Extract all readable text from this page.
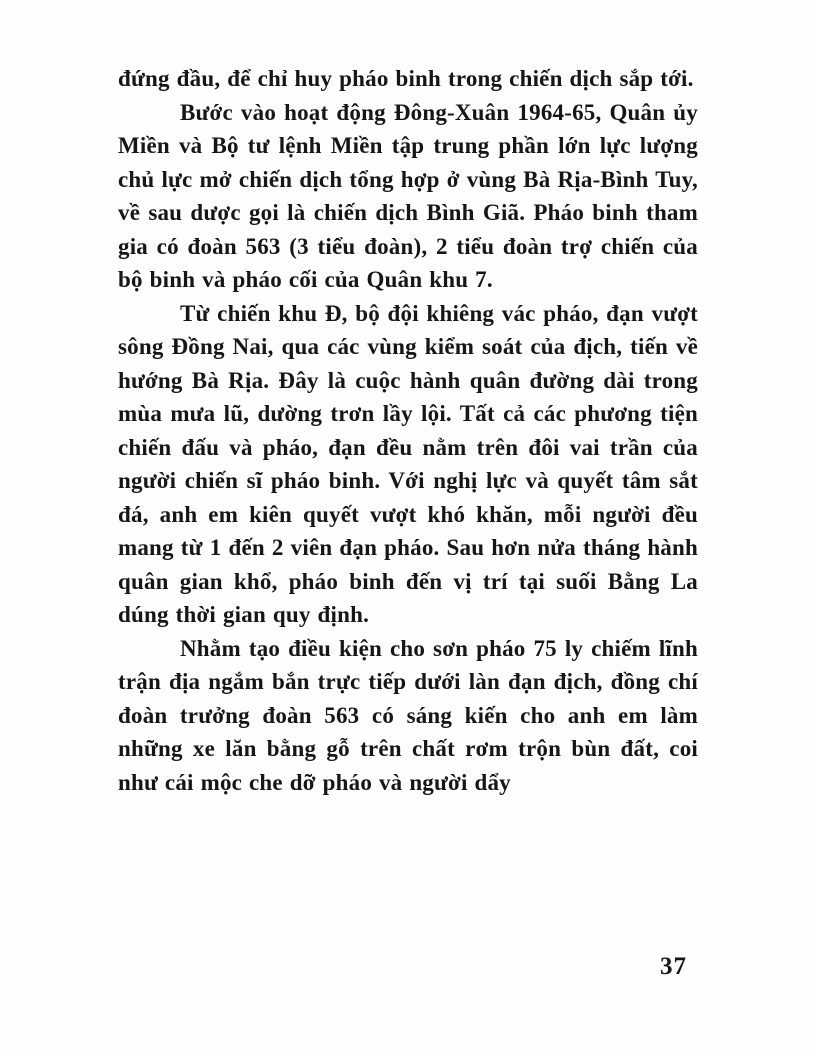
đứng đầu, để chỉ huy pháo binh trong chiến dịch sắp tới.

Bước vào hoạt động Đông-Xuân 1964-65, Quân ủy Miền và Bộ tư lệnh Miền tập trung phần lớn lực lượng chủ lực mở chiến dịch tổng hợp ở vùng Bà Rịa-Bình Tuy, về sau dược gọi là chiến dịch Bình Giã. Pháo binh tham gia có đoàn 563 (3 tiểu đoàn), 2 tiểu đoàn trợ chiến của bộ binh và pháo cối của Quân khu 7.

Từ chiến khu Đ, bộ đội khiêng vác pháo, đạn vượt sông Đồng Nai, qua các vùng kiểm soát của địch, tiến về hướng Bà Rịa. Đây là cuộc hành quân đường dài trong mùa mưa lũ, dường trơn lầy lội. Tất cả các phương tiện chiến đấu và pháo, đạn đều nằm trên đôi vai trần của người chiến sĩ pháo binh. Với nghị lực và quyết tâm sắt đá, anh em kiên quyết vượt khó khăn, mỗi người đều mang từ 1 đến 2 viên đạn pháo. Sau hơn nửa tháng hành quân gian khổ, pháo binh đến vị trí tại suối Bằng La dúng thời gian quy định.

Nhằm tạo điều kiện cho sơn pháo 75 ly chiếm lĩnh trận địa ngắm bắn trực tiếp dưới làn đạn địch, đồng chí đoàn trưởng đoàn 563 có sáng kiến cho anh em làm những xe lăn bằng gỗ trên chất rơm trộn bùn đất, coi như cái mộc che dỡ pháo và người dẩy

37
